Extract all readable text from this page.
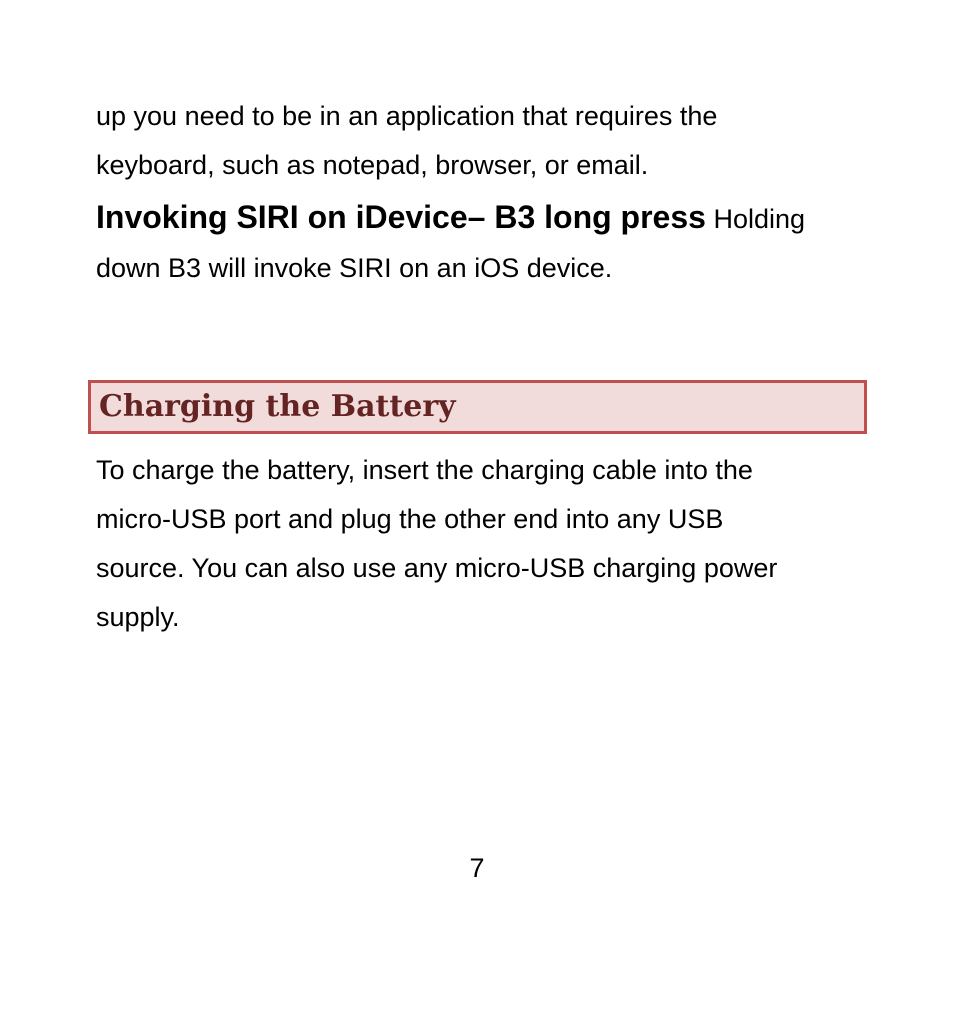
up you need to be in an application that requires the
keyboard, such as notepad, browser, or email.

Invoking SIRI on iDevice– B3 long press Holding
down B3 will invoke SIRI on an iOS device.

Charging the Battery

To charge the battery, insert the charging cable into the
micro-USB port and plug the other end into any USB
source. You can also use any micro-USB charging power
supply.

7
